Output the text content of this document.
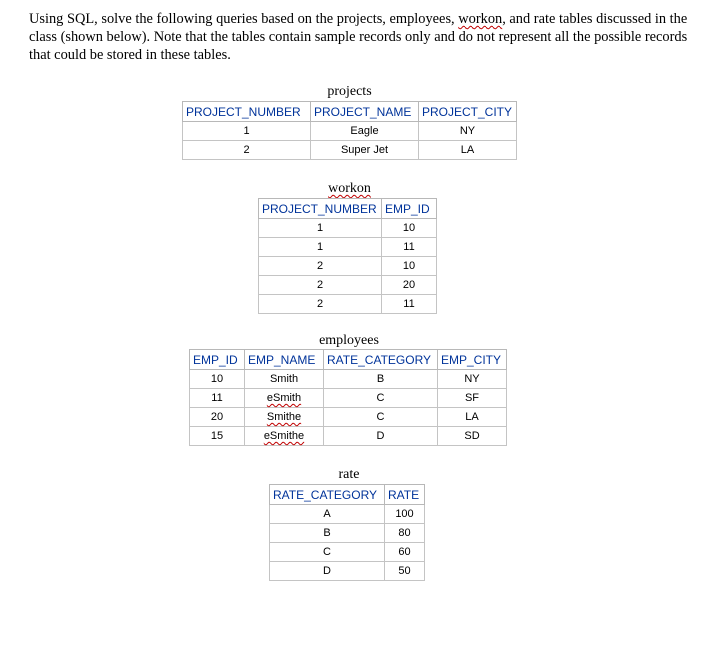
Using SQL, solve the following queries based on the projects, employees, workon, and rate tables discussed in the class (shown below). Note that the tables contain sample records only and do not represent all the possible records that could be stored in these tables.

projects
PROJECT_NUMBER	PROJECT_NAME	PROJECT_CITY
1	Eagle	NY
2	Super Jet	LA
workon
PROJECT_NUMBER	EMP_ID
1	10
1	11
2	10
2	20
2	11
employees
EMP_ID	EMP_NAME	RATE_CATEGORY	EMP_CITY
10	Smith	B	NY
11	eSmith	C	SF
20	Smithe	C	LA
15	eSmithe	D	SD
rate
RATE_CATEGORY	RATE
A	100
B	80
C	60
D	50
